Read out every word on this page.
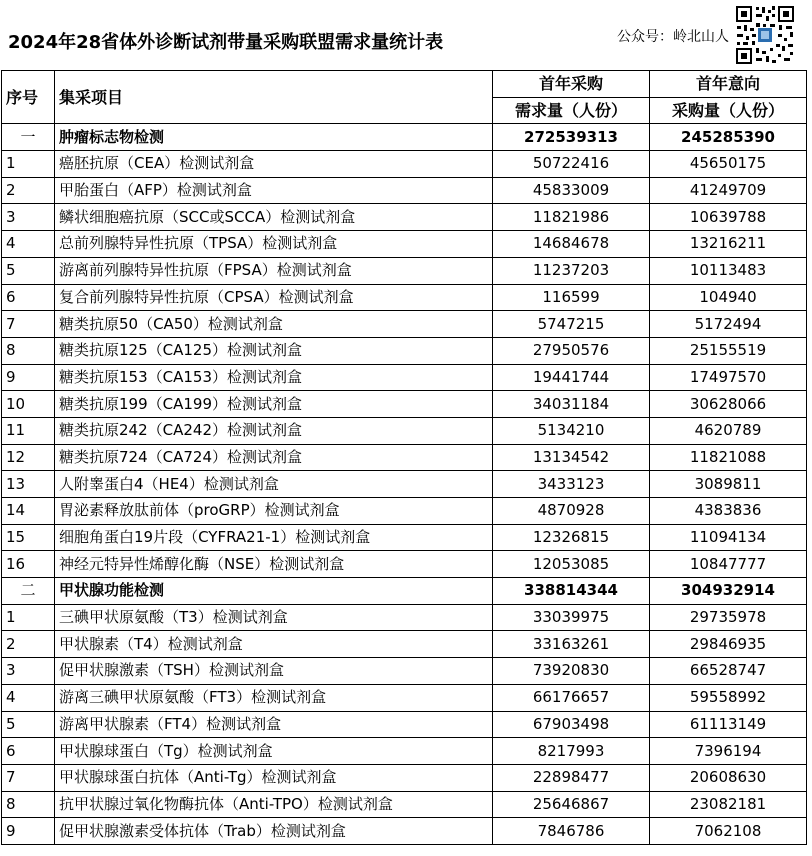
2024年28省体外诊断试剂带量采购联盟需求量统计表	公众号：岭北山人
序号	集采项目	首年采购	首年意向
		需求量（人份）	采购量（人份）
一	肿瘤标志物检测	272539313	245285390
1	癌胚抗原（CEA）检测试剂盒	50722416	45650175
2	甲胎蛋白（AFP）检测试剂盒	45833009	41249709
3	鳞状细胞癌抗原（SCC或SCCA）检测试剂盒	11821986	10639788
4	总前列腺特异性抗原（TPSA）检测试剂盒	14684678	13216211
5	游离前列腺特异性抗原（FPSA）检测试剂盒	11237203	10113483
6	复合前列腺特异性抗原（CPSA）检测试剂盒	116599	104940
7	糖类抗原50（CA50）检测试剂盒	5747215	5172494
8	糖类抗原125（CA125）检测试剂盒	27950576	25155519
9	糖类抗原153（CA153）检测试剂盒	19441744	17497570
10	糖类抗原199（CA199）检测试剂盒	34031184	30628066
11	糖类抗原242（CA242）检测试剂盒	5134210	4620789
12	糖类抗原724（CA724）检测试剂盒	13134542	11821088
13	人附睾蛋白4（HE4）检测试剂盒	3433123	3089811
14	胃泌素释放肽前体（proGRP）检测试剂盒	4870928	4383836
15	细胞角蛋白19片段（CYFRA21-1）检测试剂盒	12326815	11094134
16	神经元特异性烯醇化酶（NSE）检测试剂盒	12053085	10847777
二	甲状腺功能检测	338814344	304932914
1	三碘甲状原氨酸（T3）检测试剂盒	33039975	29735978
2	甲状腺素（T4）检测试剂盒	33163261	29846935
3	促甲状腺激素（TSH）检测试剂盒	73920830	66528747
4	游离三碘甲状原氨酸（FT3）检测试剂盒	66176657	59558992
5	游离甲状腺素（FT4）检测试剂盒	67903498	61113149
6	甲状腺球蛋白（Tg）检测试剂盒	8217993	7396194
7	甲状腺球蛋白抗体（Anti-Tg）检测试剂盒	22898477	20608630
8	抗甲状腺过氧化物酶抗体（Anti-TPO）检测试剂盒	25646867	23082181
9	促甲状腺激素受体抗体（Trab）检测试剂盒	7846786	7062108
